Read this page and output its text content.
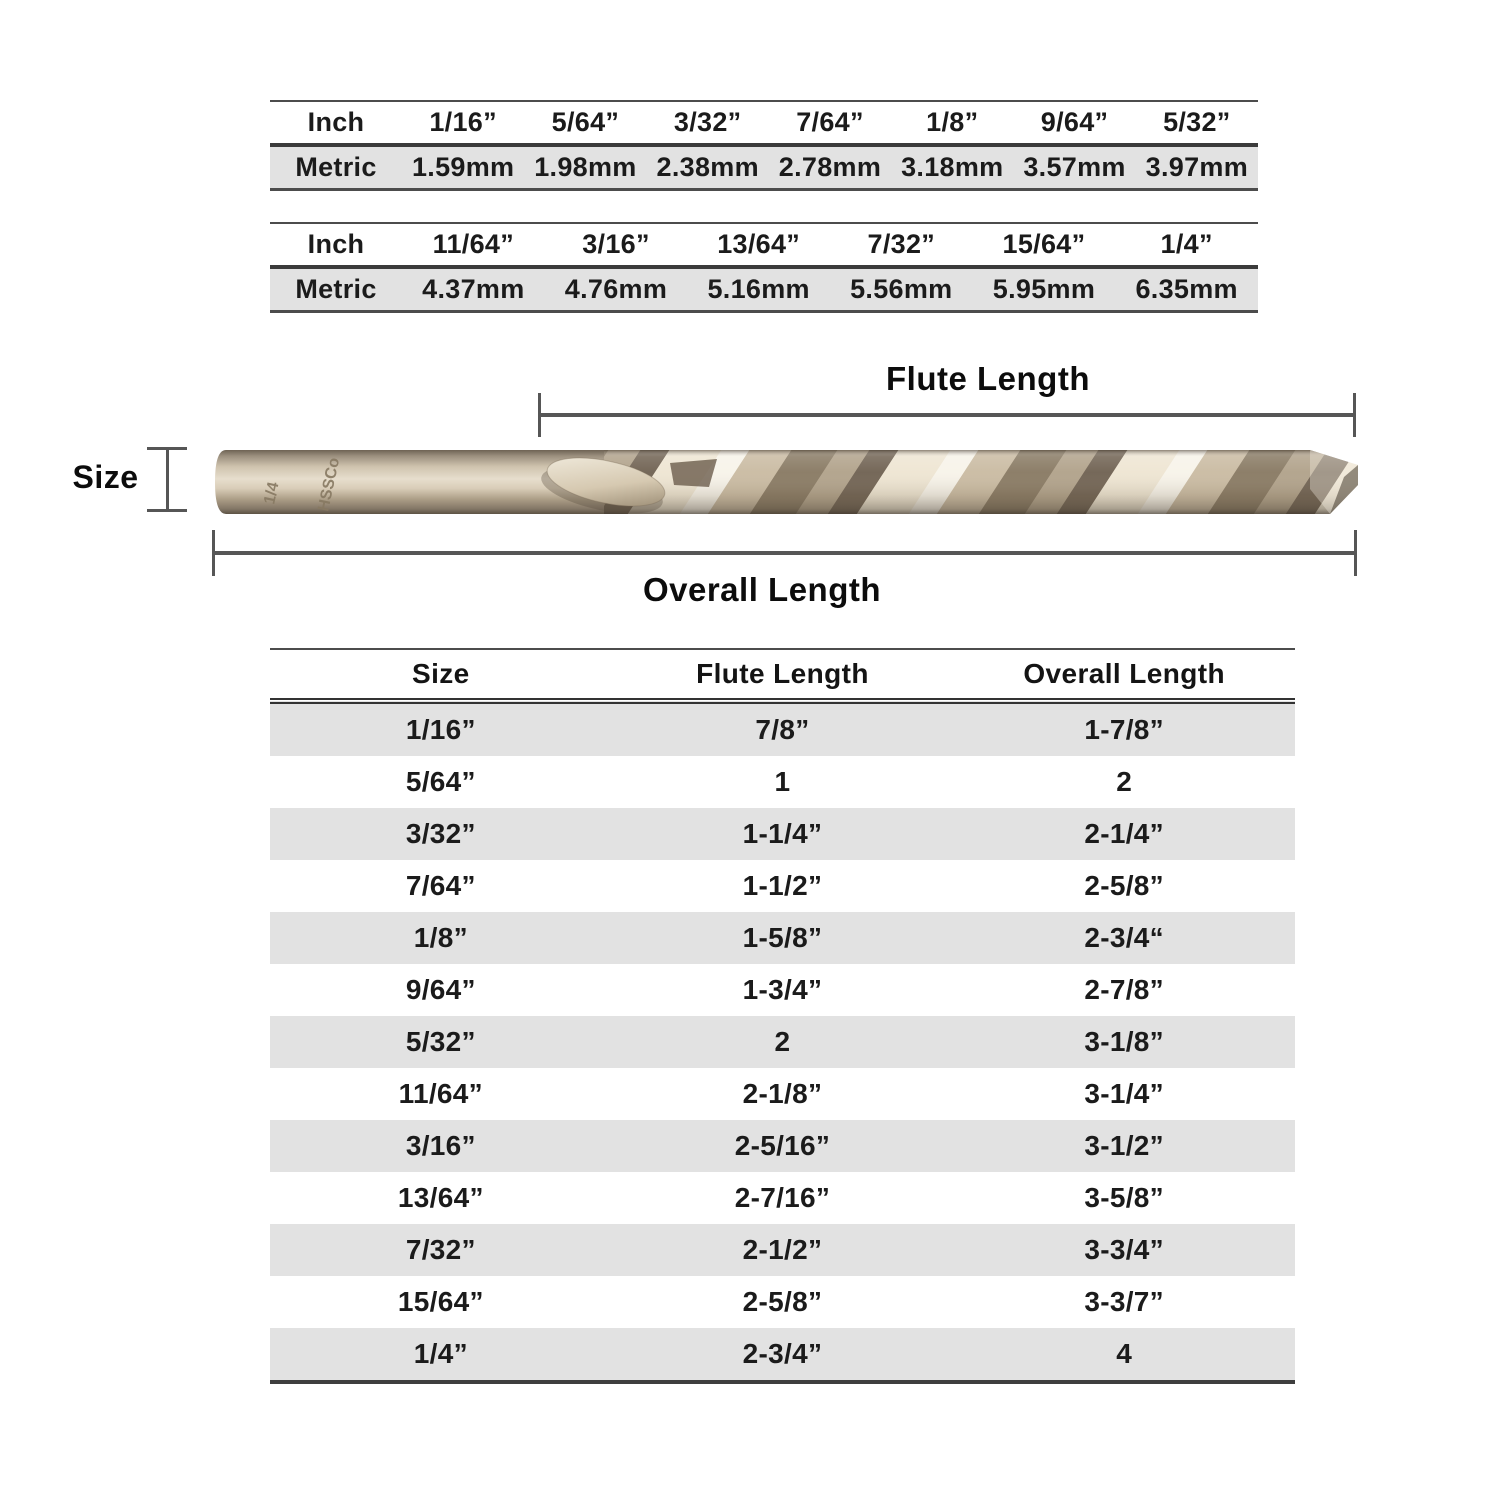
Inch	1/16”	5/64”	3/32”	7/64”	1/8”	9/64”	5/32”
Metric	1.59mm	1.98mm	2.38mm	2.78mm	3.18mm	3.57mm	3.97mm
Inch	11/64”	3/16”	13/64”	7/32”	15/64”	1/4”
Metric	4.37mm	4.76mm	5.16mm	5.56mm	5.95mm	6.35mm
Flute Length
Size	1/4 HSSCo
Overall Length
Size	Flute Length	Overall Length
1/16”	7/8”	1-7/8”
5/64”	1	2
3/32”	1-1/4”	2-1/4”
7/64”	1-1/2”	2-5/8”
1/8”	1-5/8”	2-3/4“
9/64”	1-3/4”	2-7/8”
5/32”	2	3-1/8”
11/64”	2-1/8”	3-1/4”
3/16”	2-5/16”	3-1/2”
13/64”	2-7/16”	3-5/8”
7/32”	2-1/2”	3-3/4”
15/64”	2-5/8”	3-3/7”
1/4”	2-3/4”	4
